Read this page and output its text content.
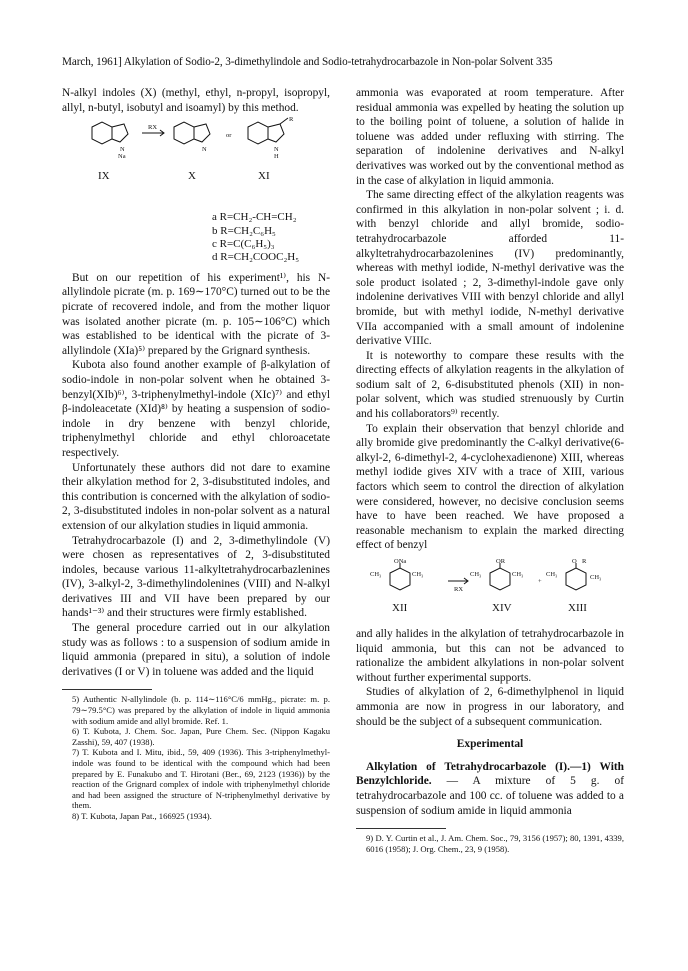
March, 1961] Alkylation of Sodio-2, 3-dimethylindole and Sodio-tetrahydrocarbazole in Non-polar Solvent 335

N-alkyl indoles (X) (methyl, ethyl, n-propyl, isopropyl, allyl, n-butyl, isobutyl and isoamyl) by this method.

N
Na
RX
N
or
N
H
R
IX	X	XI
a R=CH₂-CH=CH₂
b R=CH₂C₆H₅
c R=C(C₆H₅)₃
d R=CH₂COOC₂H₅

But on our repetition of his experiment¹⁾, his N-allylindole picrate (m. p. 169∼170°C) turned out to be the picrate of recovered indole, and from the mother liquor was isolated another picrate (m. p. 105∼106°C) which was established to be identical with the picrate of 3-allylindole (XIa)⁵⁾ prepared by the Grignard synthesis.

Kubota also found another example of β-alkylation of sodio-indole in non-polar solvent when he obtained 3-benzyl(XIb)⁶⁾, 3-triphenylmethyl-indole (XIc)⁷⁾ and ethyl β-indoleacetate (XId)⁸⁾ by heating a suspension of sodio-indole in dry benzene with benzyl chloride, triphenylmethyl chloride and ethyl chloroacetate respectively.

Unfortunately these authors did not dare to examine their alkylation method for 2, 3-disubstituted indoles, and this contribution is concerned with the alkylation of sodio-2, 3-disubstituted indoles in non-polar solvent as a natural extension of our alkylation studies in liquid ammonia.

Tetrahydrocarbazole (I) and 2, 3-dimethylindole (V) were chosen as representatives of 2, 3-disubstituted indoles, because various 11-alkyltetrahydrocarbazlenines (IV), 3-alkyl-2, 3-dimethylindolenines (VIII) and N-alkyl derivatives III and VII have been prepared by our hands¹⁻³⁾ and their structures were firmly established.

The general procedure carried out in our alkylation study was as follows : to a suspension of sodium amide in liquid ammonia (prepared in situ), a solution of indole derivatives (I or V) in toluene was added and the liquid

5) Authentic N-allylindole (b. p. 114∼116°C/6 mmHg., picrate: m. p. 79∼79.5°C) was prepared by the alkylation of indole in liquid ammonia with sodium amide and allyl bromide. Ref. 1.

6) T. Kubota, J. Chem. Soc. Japan, Pure Chem. Sec. (Nippon Kagaku Zasshi), 59, 407 (1938).

7) T. Kubota and I. Mitu, ibid., 59, 409 (1936). This 3-triphenylmethyl-indole was found to be identical with the compound which had been prepared by E. Funakubo and T. Hirotani (Ber., 69, 2123 (1936)) by the reaction of the Grignard complex of indole with triphenylmethyl chloride and had been assigned the structure of N-triphenylmethyl derivative by them.

8) T. Kubota, Japan Pat., 166925 (1934).

ammonia was evaporated at room temperature. After residual ammonia was expelled by heating the solution up to the boiling point of toluene, a solution of halide in toluene was added under refluxing with stirring. The separation of indolenine derivatives and N-alkyl derivatives was worked out by the conventional method as in the case of alkylation in liquid ammonia.

The same directing effect of the alkylation reagents was confirmed in this alkylation in non-polar solvent ; i. d. with benzyl chloride and allyl bromide, sodio-tetrahydrocarbazole afforded 11-alkyltetrahydrocarbazolenines (IV) predominantly, whereas with methyl iodide, N-methyl derivative was the sole product isolated ; 2, 3-dimethyl-indole gave only indolenine derivatives VIII with benzyl chloride and allyl bromide, but with methyl iodide, N-methyl derivative VIIa accompanied with a small amount of indolenine derivative VIIIc.

It is noteworthy to compare these results with the directing effects of alkylation reagents in the alkylation of sodium salt of 2, 6-disubstituted phenols (XII) in non-polar solvent, which was studied strenuously by Curtin and his collaborators⁹⁾ recently.

To explain their observation that benzyl chloride and ally bromide give predominantly the C-alkyl derivative(6-alkyl-2, 6-dimethyl-2, 4-cyclohexadienone) XIII, whereas methyl iodide gives XIV with a trace of XIII, various factors which seem to control the direction of alkylation were considered, however, no decisive conclusion seems have to have been reached. We have proposed a reasonable mechanism to explain the marked directing effect of benzyl

ONa
CH₃	CH₃
RX
OR
CH₃	CH₃
+
CH₃
O R
CH₃
XII	XIV	XIII

and ally halides in the alkylation of tetrahydrocarbazole in liquid ammonia, but this can not be advanced to rationalize the ambident alkylations in non-polar solvent without further experimental supports.

Studies of alkylation of 2, 6-dimethylphenol in liquid ammonia are now in progress in our laboratory, and should be the subject of a subsequent communication.

Experimental

Alkylation of Tetrahydrocarbazole (I).—1) With Benzylchloride. — A mixture of 5 g. of tetrahydrocarbazole and 100 cc. of toluene was added to a suspension of sodium amide in liquid ammonia

9) D. Y. Curtin et al., J. Am. Chem. Soc., 79, 3156 (1957); 80, 1391, 4339, 6016 (1958); J. Org. Chem., 23, 9 (1958).
